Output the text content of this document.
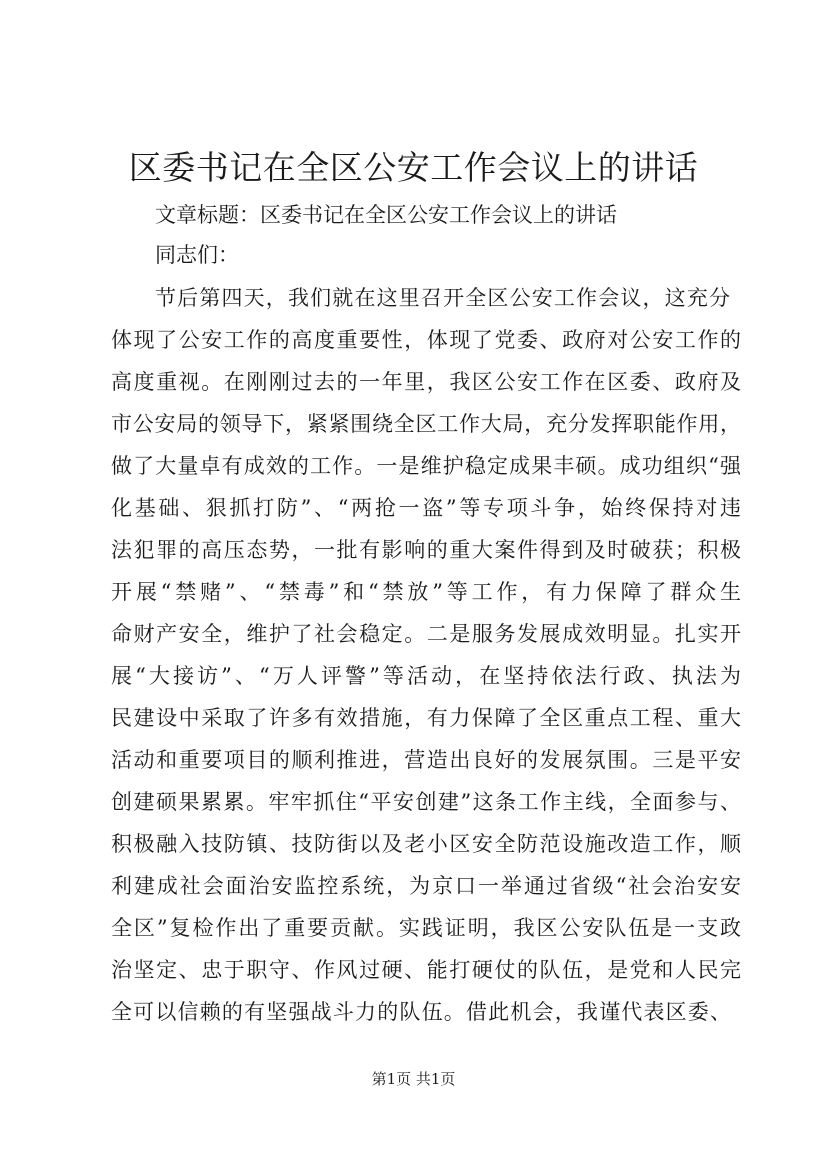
区委书记在全区公安工作会议上的讲话
文章标题：区委书记在全区公安工作会议上的讲话
同志们：
节后第四天，我们就在这里召开全区公安工作会议，这充分
体现了公安工作的高度重要性，体现了党委、政府对公安工作的
高度重视。在刚刚过去的一年里，我区公安工作在区委、政府及
市公安局的领导下，紧紧围绕全区工作大局，充分发挥职能作用，
做了大量卓有成效的工作。一是维护稳定成果丰硕。成功组织“强
化基础、狠抓打防”、“两抢一盗”等专项斗争，始终保持对违
法犯罪的高压态势，一批有影响的重大案件得到及时破获；积极
开展“禁赌”、“禁毒”和“禁放”等工作，有力保障了群众生
命财产安全，维护了社会稳定。二是服务发展成效明显。扎实开
展“大接访”、“万人评警”等活动，在坚持依法行政、执法为
民建设中采取了许多有效措施，有力保障了全区重点工程、重大
活动和重要项目的顺利推进，营造出良好的发展氛围。三是平安
创建硕果累累。牢牢抓住“平安创建”这条工作主线，全面参与、
积极融入技防镇、技防街以及老小区安全防范设施改造工作，顺
利建成社会面治安监控系统，为京口一举通过省级“社会治安安
全区”复检作出了重要贡献。实践证明，我区公安队伍是一支政
治坚定、忠于职守、作风过硬、能打硬仗的队伍，是党和人民完
全可以信赖的有坚强战斗力的队伍。借此机会，我谨代表区委、
第1页 共1页
